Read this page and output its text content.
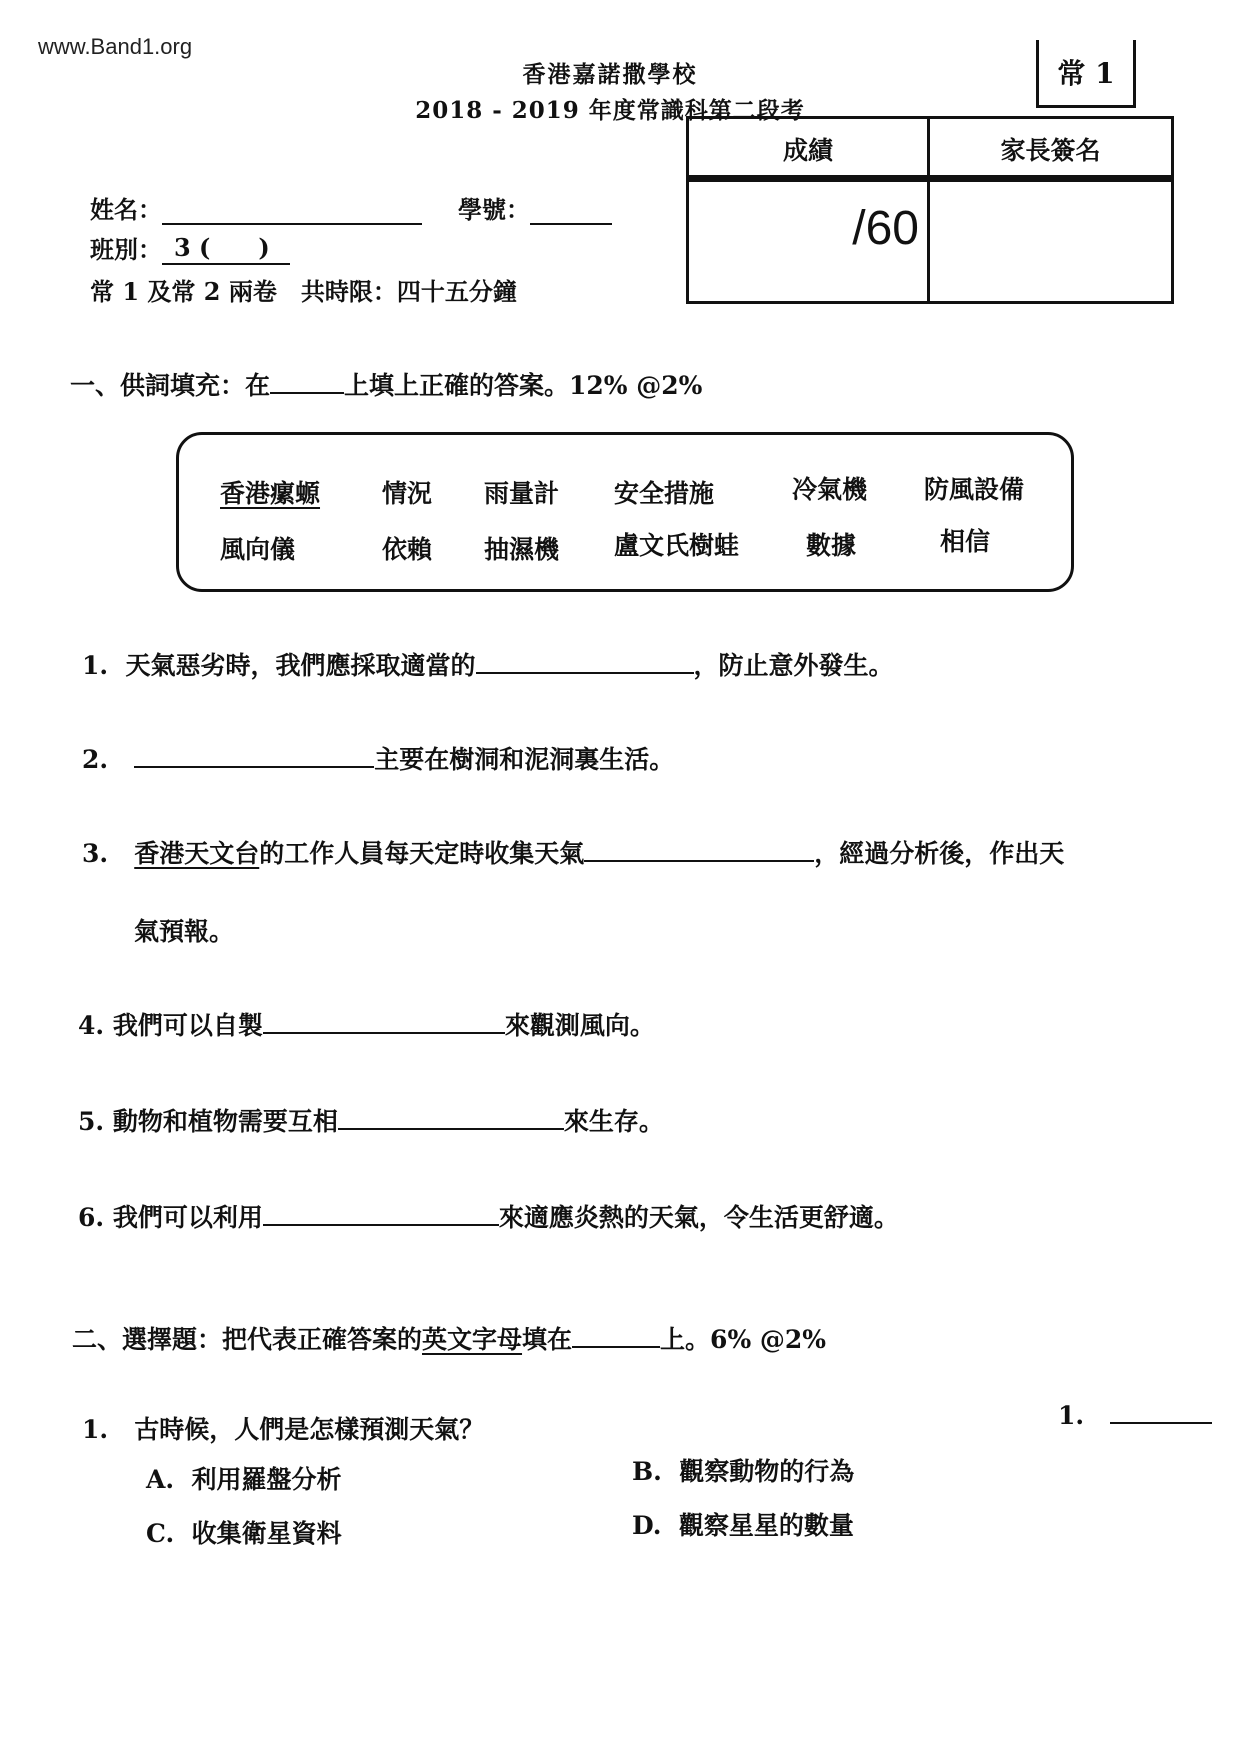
www.Band1.org
常 1
香港嘉諾撒學校
2018 - 2019 年度常識科第二段考
成績	家長簽名
/60
姓名：	學號：
班別： 3 (　　)
常 1 及常 2 兩卷　共時限：四十五分鐘
一、供詞填充：在	上填上正確的答案。12% @2%
香港瘰螈 情況 雨量計 安全措施	冷氣機 防風設備
風向儀	依賴 抽濕機 盧文氏樹蛙	數據	相信
1. 天氣惡劣時，我們應採取適當的	，防止意外發生。
2.	主要在樹洞和泥洞裏生活。
3. 香港天文台的工作人員每天定時收集天氣	，經過分析後，作出天
氣預報。
4. 我們可以自製	來觀測風向。
5. 動物和植物需要互相	來生存。
6. 我們可以利用	來適應炎熱的天氣，令生活更舒適。
二、選擇題：把代表正確答案的英文字母填在	上。6% @2%
1. 古時候，人們是怎樣預測天氣？	1.
A. 利用羅盤分析	B. 觀察動物的行為
C. 收集衛星資料	D. 觀察星星的數量
